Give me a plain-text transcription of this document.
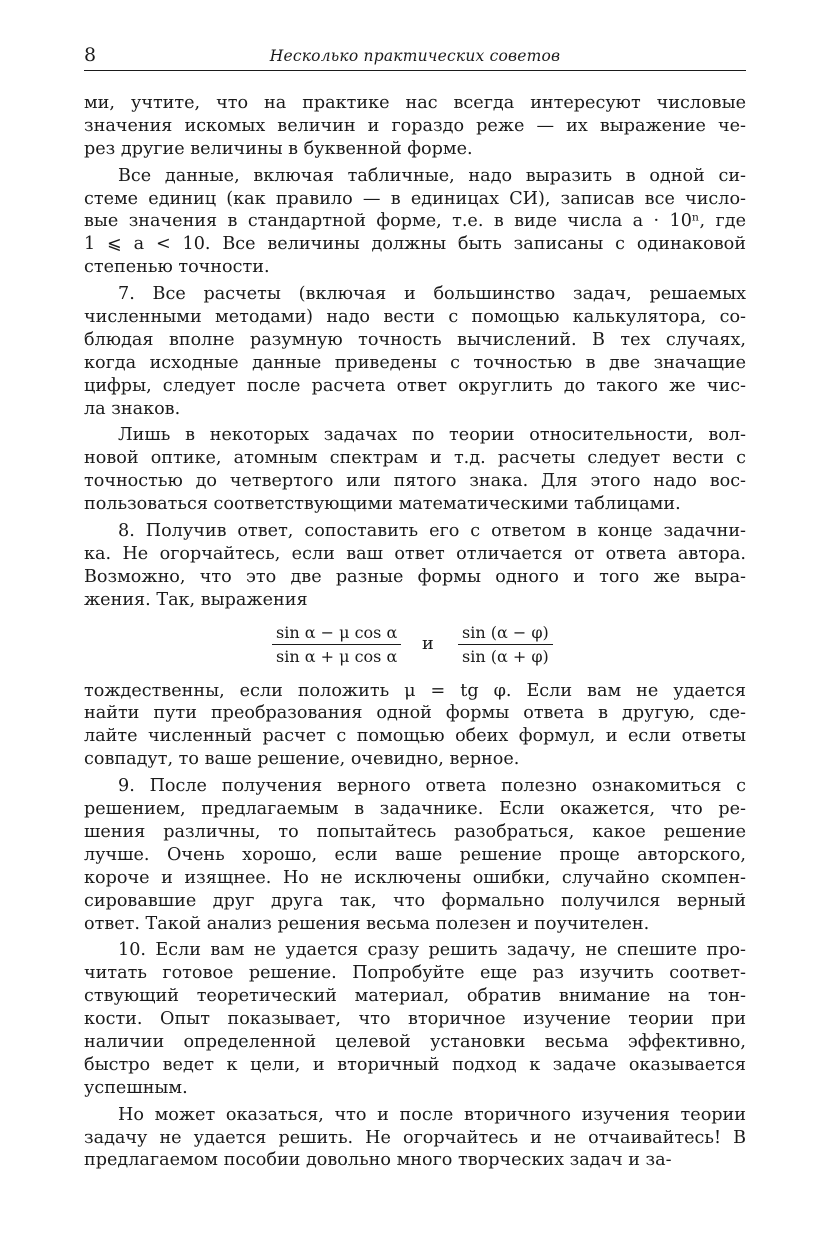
8	Несколько практических советов
ми, учтите, что на практике нас всегда интересуют числовые
значения искомых величин и гораздо реже — их выражение че-
рез другие величины в буквенной форме.
Все данные, включая табличные, надо выразить в одной си-
стеме единиц (как правило — в единицах СИ), записав все число-
вые значения в стандартной форме, т.е. в виде числа a · 10ⁿ, где
1 ⩽ a < 10. Все величины должны быть записаны с одинаковой
степенью точности.
7. Все расчеты (включая и большинство задач, решаемых
численными методами) надо вести с помощью калькулятора, со-
блюдая вполне разумную точность вычислений. В тех случаях,
когда исходные данные приведены с точностью в две значащие
цифры, следует после расчета ответ округлить до такого же чис-
ла знаков.
Лишь в некоторых задачах по теории относительности, вол-
новой оптике, атомным спектрам и т.д. расчеты следует вести с
точностью до четвертого или пятого знака. Для этого надо вос-
пользоваться соответствующими математическими таблицами.
8. Получив ответ, сопоставить его с ответом в конце задачни-
ка. Не огорчайтесь, если ваш ответ отличается от ответа автора.
Возможно, что это две разные формы одного и того же выра-
жения. Так, выражения
$\frac{\text{sin α − μ cos α}}{\text{sin α + μ cos α}}$ и $\frac{\sin (\alpha - \varphi)}{\sin (\alpha + \varphi)}$
тождественны, если положить μ = tg φ. Если вам не удается
найти пути преобразования одной формы ответа в другую, сде-
лайте численный расчет с помощью обеих формул, и если ответы
совпадут, то ваше решение, очевидно, верное.
9. После получения верного ответа полезно ознакомиться с
решением, предлагаемым в задачнике. Если окажется, что ре-
шения различны, то попытайтесь разобраться, какое решение
лучше. Очень хорошо, если ваше решение проще авторского,
короче и изящнее. Но не исключены ошибки, случайно скомпен-
сировавшие друг друга так, что формально получился верный
ответ. Такой анализ решения весьма полезен и поучителен.
10. Если вам не удается сразу решить задачу, не спешите про-
читать готовое решение. Попробуйте еще раз изучить соответ-
ствующий теоретический материал, обратив внимание на тон-
кости. Опыт показывает, что вторичное изучение теории при
наличии определенной целевой установки весьма эффективно,
быстро ведет к цели, и вторичный подход к задаче оказывается
успешным.
Но может оказаться, что и после вторичного изучения теории
задачу не удается решить. Не огорчайтесь и не отчаивайтесь! В
предлагаемом пособии довольно много творческих задач и за-
